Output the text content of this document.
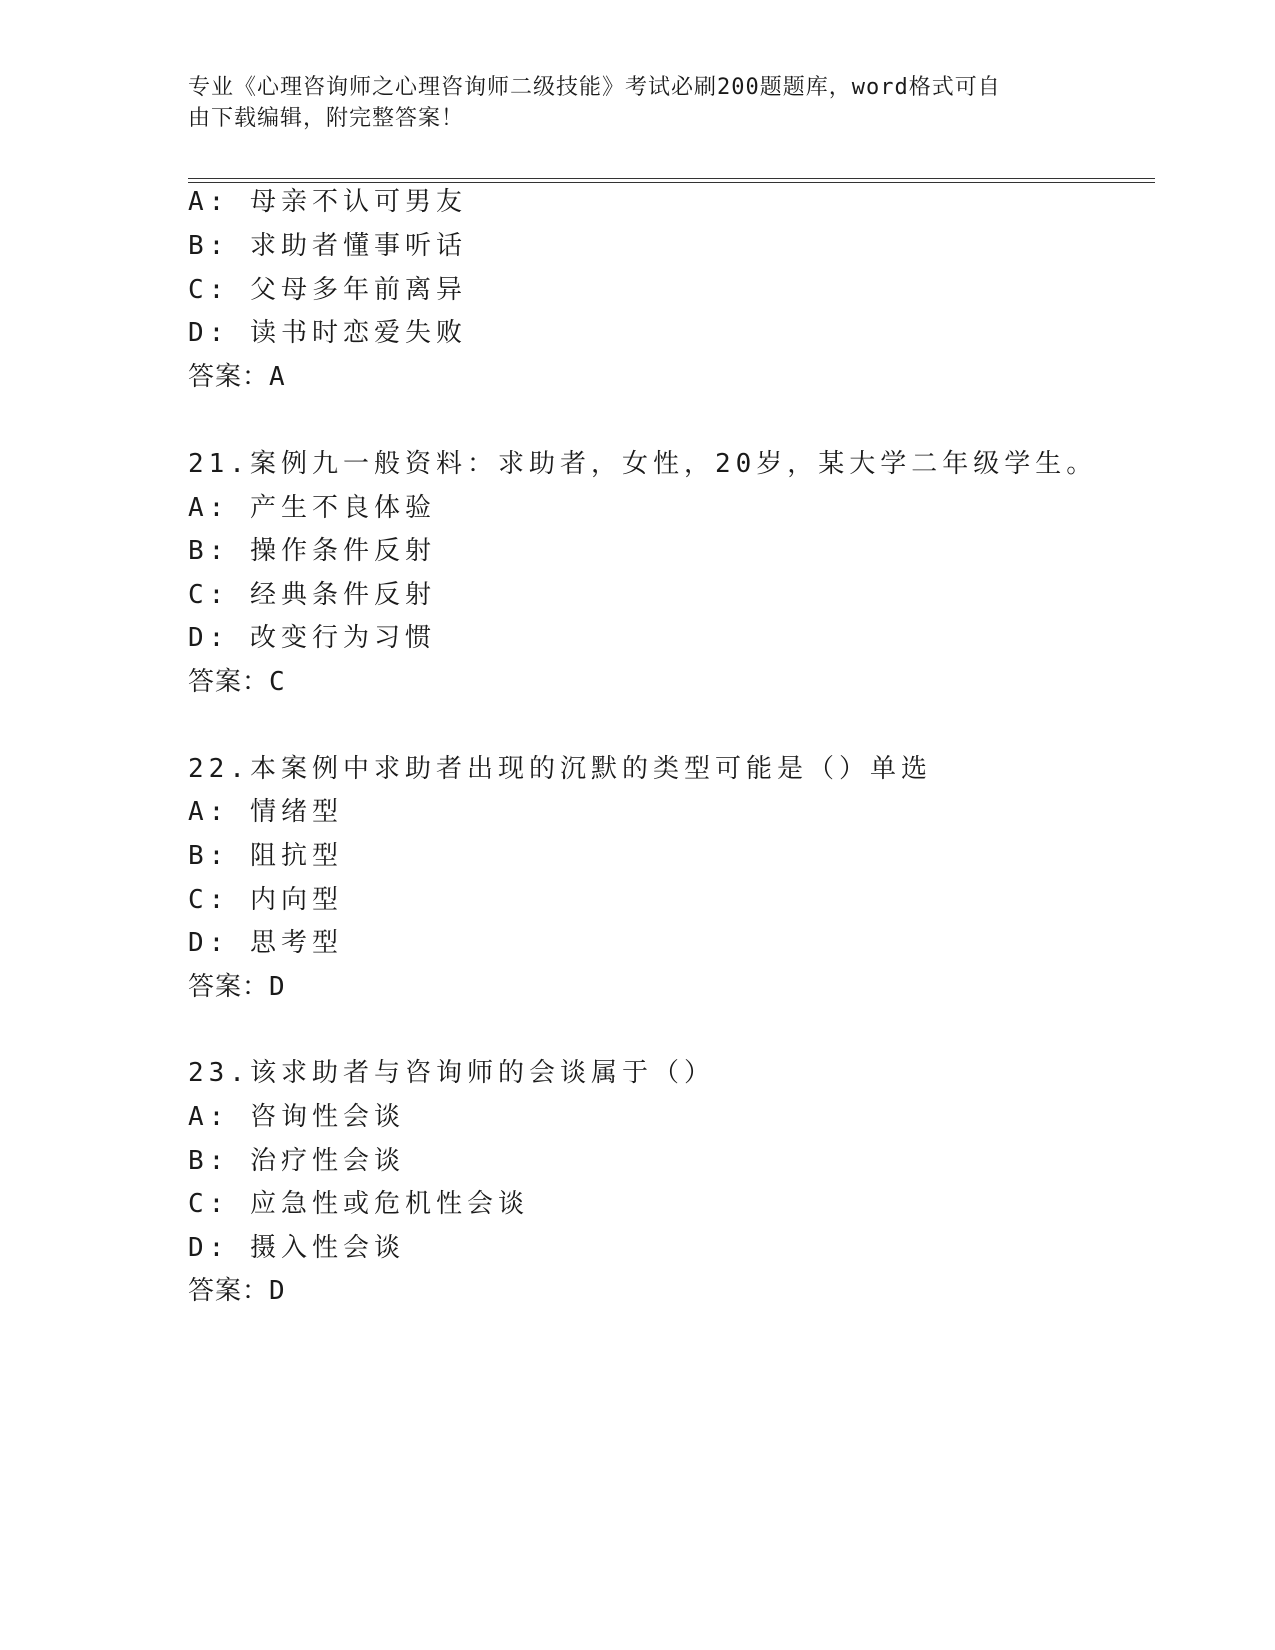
专业《心理咨询师之心理咨询师二级技能》考试必刷200题题库，word格式可自
由下载编辑，附完整答案！
A: 母亲不认可男友
B: 求助者懂事听话
C: 父母多年前离异
D: 读书时恋爱失败
答案：A
21.案例九一般资料：求助者，女性，20岁，某大学二年级学生。
A: 产生不良体验
B: 操作条件反射
C: 经典条件反射
D: 改变行为习惯
答案：C
22.本案例中求助者出现的沉默的类型可能是（）单选
A: 情绪型
B: 阻抗型
C: 内向型
D: 思考型
答案：D
23.该求助者与咨询师的会谈属于（）
A: 咨询性会谈
B: 治疗性会谈
C: 应急性或危机性会谈
D: 摄入性会谈
答案：D
